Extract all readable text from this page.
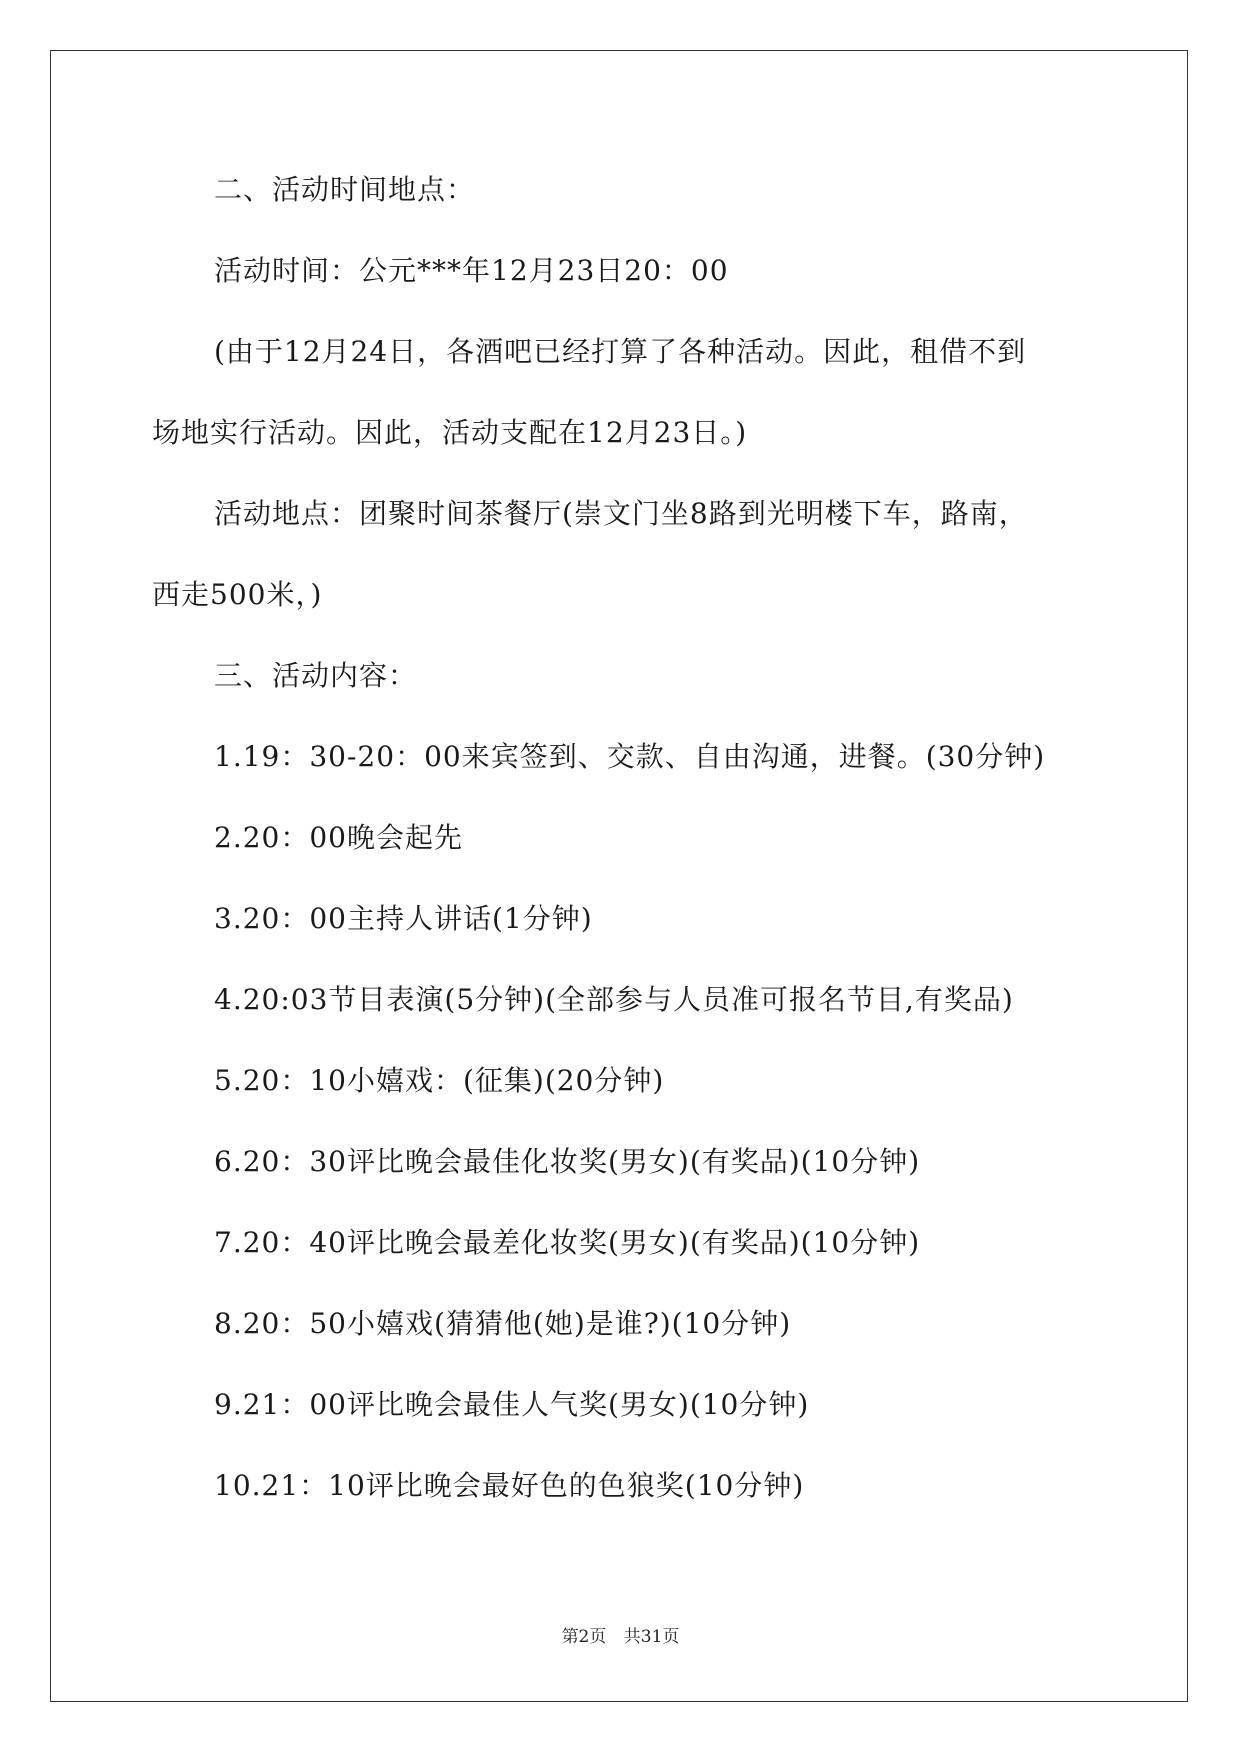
二、活动时间地点：
活动时间：公元***年12月23日20：00
(由于12月24日，各酒吧已经打算了各种活动。因此，租借不到
场地实行活动。因此，活动支配在12月23日。)
活动地点：团聚时间茶餐厅(崇文门坐8路到光明楼下车，路南，
西走500米，)
三、活动内容：
1.19：30-20：00来宾签到、交款、自由沟通，进餐。(30分钟)
2.20：00晚会起先
3.20：00主持人讲话(1分钟)
4.20:03节目表演(5分钟)(全部参与人员准可报名节目,有奖品)
5.20：10小嬉戏：(征集)(20分钟)
6.20：30评比晚会最佳化妆奖(男女)(有奖品)(10分钟)
7.20：40评比晚会最差化妆奖(男女)(有奖品)(10分钟)
8.20：50小嬉戏(猜猜他(她)是谁?)(10分钟)
9.21：00评比晚会最佳人气奖(男女)(10分钟)
10.21：10评比晚会最好色的色狼奖(10分钟)
第2页 共31页
